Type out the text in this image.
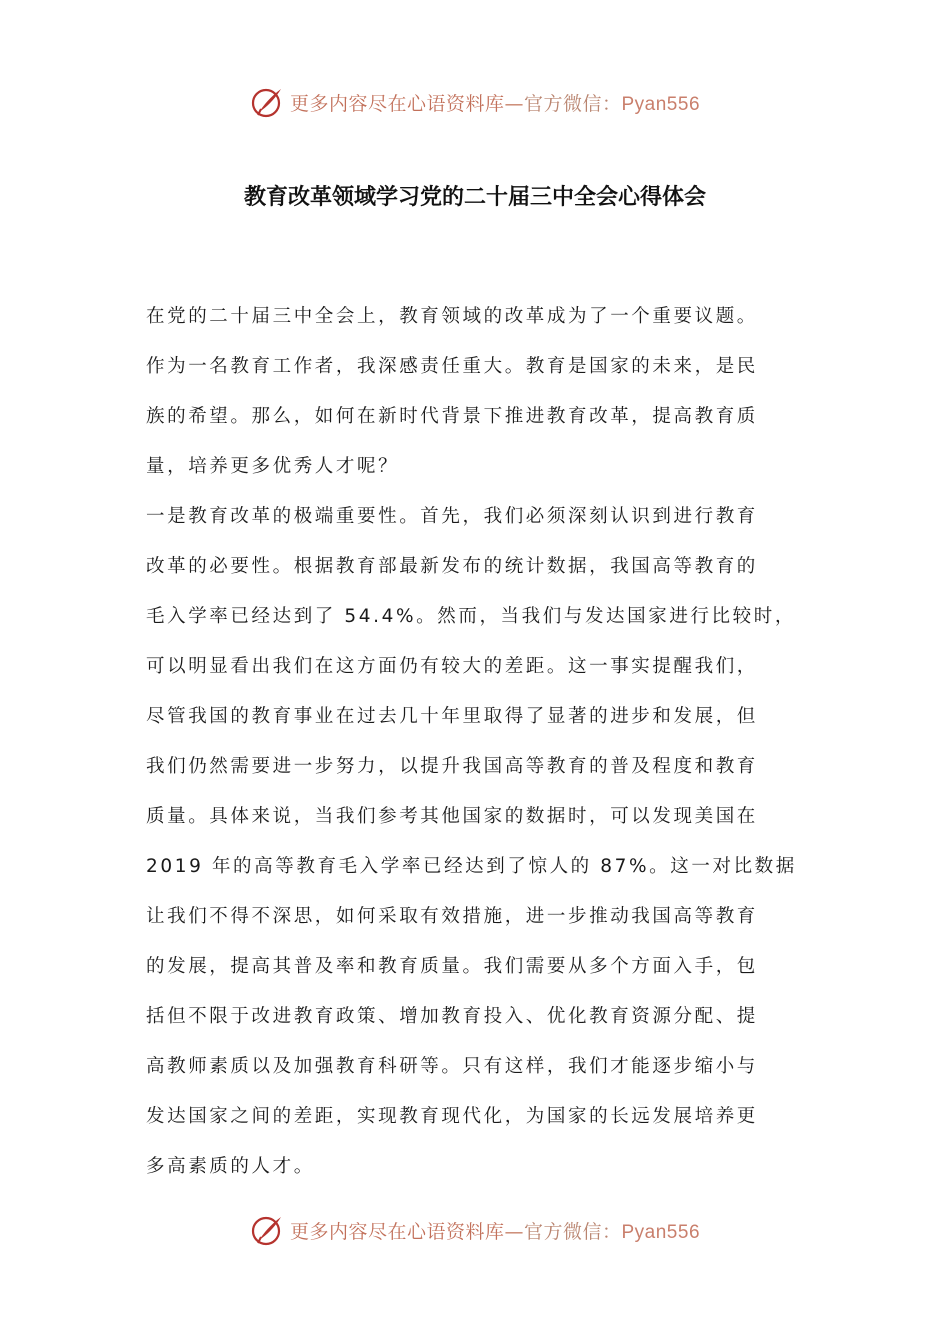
更多内容尽在心语资料库—官方微信：Pyan556
教育改革领域学习党的二十届三中全会心得体会
在党的二十届三中全会上，教育领域的改革成为了一个重要议题。
作为一名教育工作者，我深感责任重大。教育是国家的未来，是民
族的希望。那么，如何在新时代背景下推进教育改革，提高教育质
量，培养更多优秀人才呢？
一是教育改革的极端重要性。首先，我们必须深刻认识到进行教育
改革的必要性。根据教育部最新发布的统计数据，我国高等教育的
毛入学率已经达到了 54.4%。然而，当我们与发达国家进行比较时，
可以明显看出我们在这方面仍有较大的差距。这一事实提醒我们，
尽管我国的教育事业在过去几十年里取得了显著的进步和发展，但
我们仍然需要进一步努力，以提升我国高等教育的普及程度和教育
质量。具体来说，当我们参考其他国家的数据时，可以发现美国在
2019 年的高等教育毛入学率已经达到了惊人的 87%。这一对比数据
让我们不得不深思，如何采取有效措施，进一步推动我国高等教育
的发展，提高其普及率和教育质量。我们需要从多个方面入手，包
括但不限于改进教育政策、增加教育投入、优化教育资源分配、提
高教师素质以及加强教育科研等。只有这样，我们才能逐步缩小与
发达国家之间的差距，实现教育现代化，为国家的长远发展培养更
多高素质的人才。
更多内容尽在心语资料库—官方微信：Pyan556
